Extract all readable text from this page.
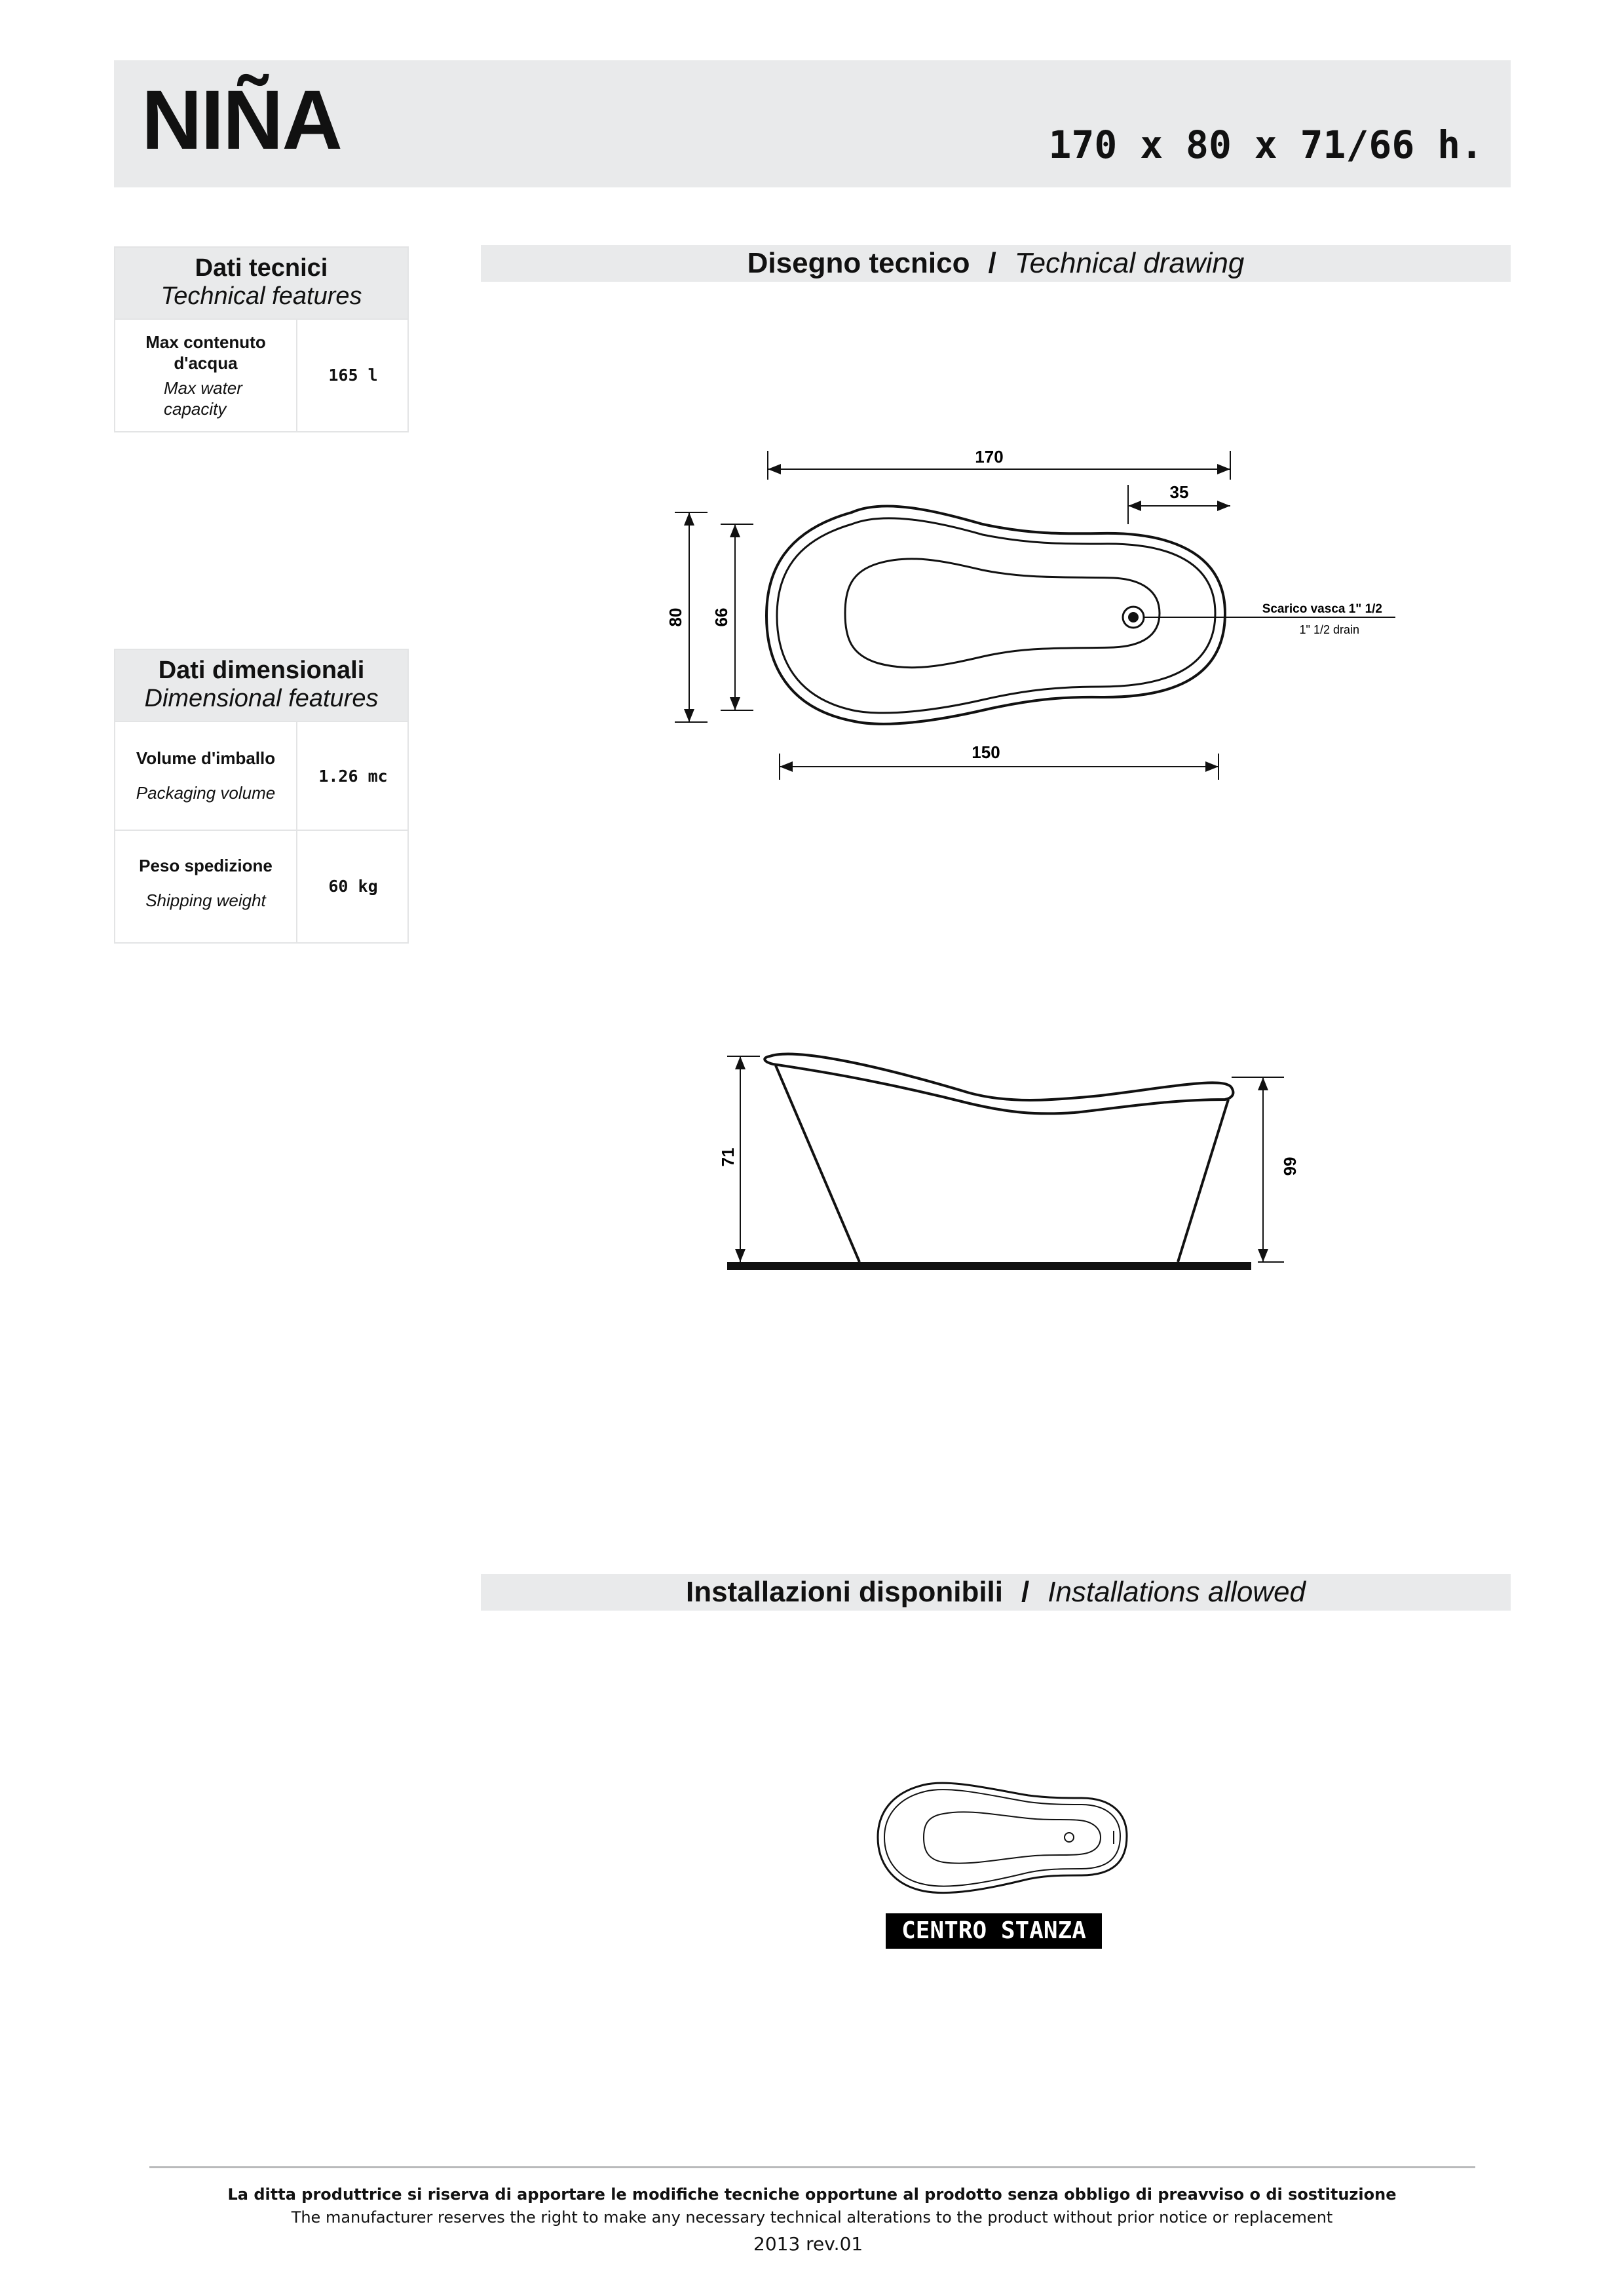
NIÑA	170 x 80 x 71/66 h.
Dati tecnici
Technical features
Max contenuto d'acqua
Max water capacity
165 l
Dati dimensionali
Dimensional features
Volume d'imballo
Packaging volume
1.26 mc
Peso spedizione
Shipping weight
60 kg
Disegno tecnico / Technical drawing
Scarico vasca 1" 1/2
1" 1/2 drain
170
35
80 66
150
71	66
Installazioni disponibili / Installations allowed
CENTRO STANZA
La ditta produttrice si riserva di apportare le modifiche tecniche opportune al prodotto senza obbligo di preavviso o di sostituzione
The manufacturer reserves the right to make any necessary technical alterations to the product without prior notice or replacement
2013 rev.01
